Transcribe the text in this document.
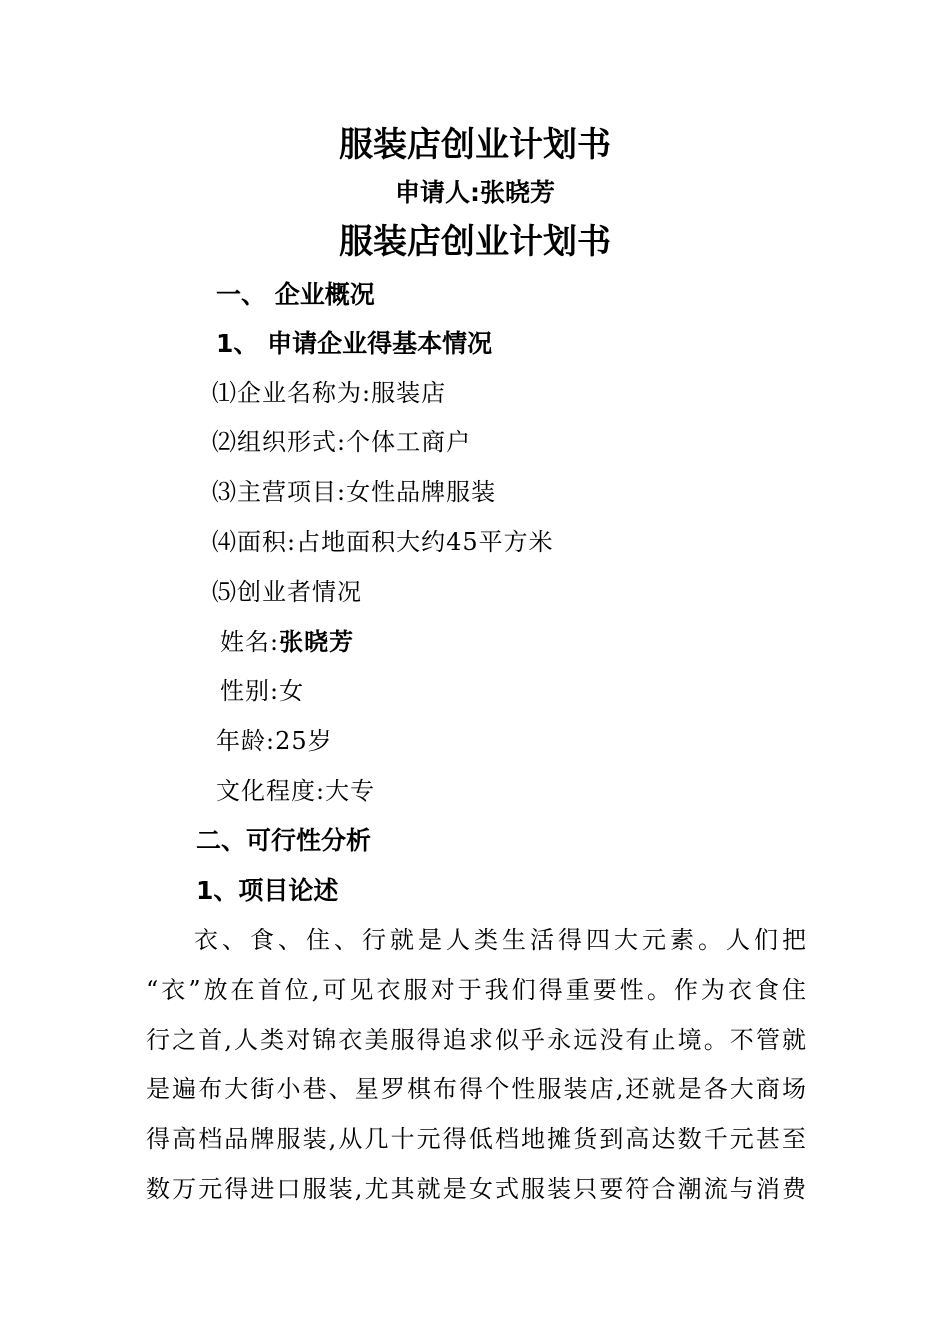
服装店创业计划书
申请人:张晓芳
服装店创业计划书
一、 企业概况
1、 申请企业得基本情况
⑴企业名称为:服装店
⑵组织形式:个体工商户
⑶主营项目:女性品牌服装
⑷面积:占地面积大约45平方米
⑸创业者情况
姓名:张晓芳
性别:女
年龄:25岁
文化程度:大专
二、可行性分析
1、项目论述
衣、食、住、行就是人类生活得四大元素。人们把
“衣”放在首位,可见衣服对于我们得重要性。作为衣食住
行之首,人类对锦衣美服得追求似乎永远没有止境。不管就
是遍布大街小巷、星罗棋布得个性服装店,还就是各大商场
得高档品牌服装,从几十元得低档地摊货到高达数千元甚至
数万元得进口服装,尤其就是女式服装只要符合潮流与消费
